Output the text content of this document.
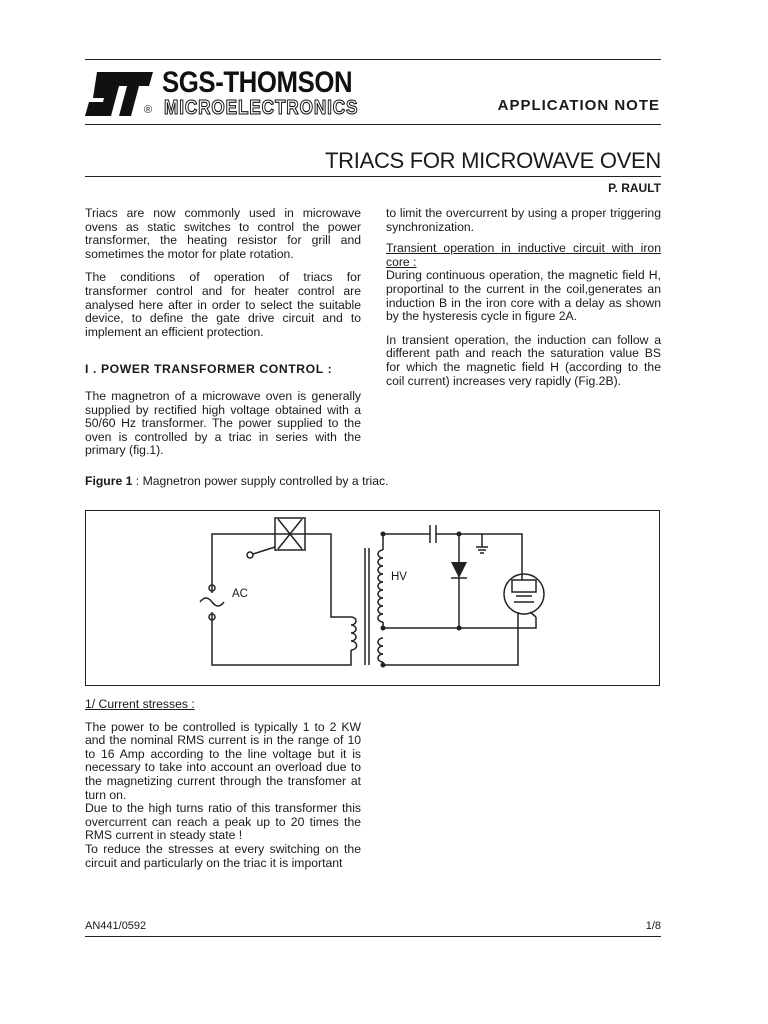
®
SGS-THOMSON
MICROELECTRONICS	APPLICATION NOTE
TRIACS FOR MICROWAVE OVEN
P. RAULT

Triacs are now commonly used in microwave ovens as static switches to control the power transformer, the heating resistor for grill and sometimes the motor for plate rotation.

The conditions of operation of triacs for transformer control and for heater control are analysed here after in order to select the suitable device, to define the gate drive circuit and to implement an efficient protection.

I . POWER TRANSFORMER CONTROL :

The magnetron of a microwave oven is generally supplied by rectified high voltage obtained with a 50/60 Hz transformer. The power supplied to the oven is controlled by a triac in series with the primary (fig.1).

to limit the overcurrent by using a proper triggering synchronization.

Transient operation in inductive circuit with iron core :

During continuous operation, the magnetic field H, proportinal to the current in the coil,generates an induction B in the iron core with a delay as shown by the hysteresis cycle in figure 2A.

In transient operation, the induction can follow a different path and reach the saturation value BS for which the magnetic field H (according to the coil current) increases very rapidly (Fig.2B).

Figure 1 : Magnetron power supply controlled by a triac.
AC
HV

1/ Current stresses :

The power to be controlled is typically 1 to 2 KW and the nominal RMS current is in the range of 10 to 16 Amp according to the line voltage but it is necessary to take into account an overload due to the magnetizing current through the transfomer at turn on.

Due to the high turns ratio of this transformer this overcurrent can reach a peak up to 20 times the RMS current in steady state !

To reduce the stresses at every switching on the circuit and particularly on the triac it is important

AN441/0592	1/8
